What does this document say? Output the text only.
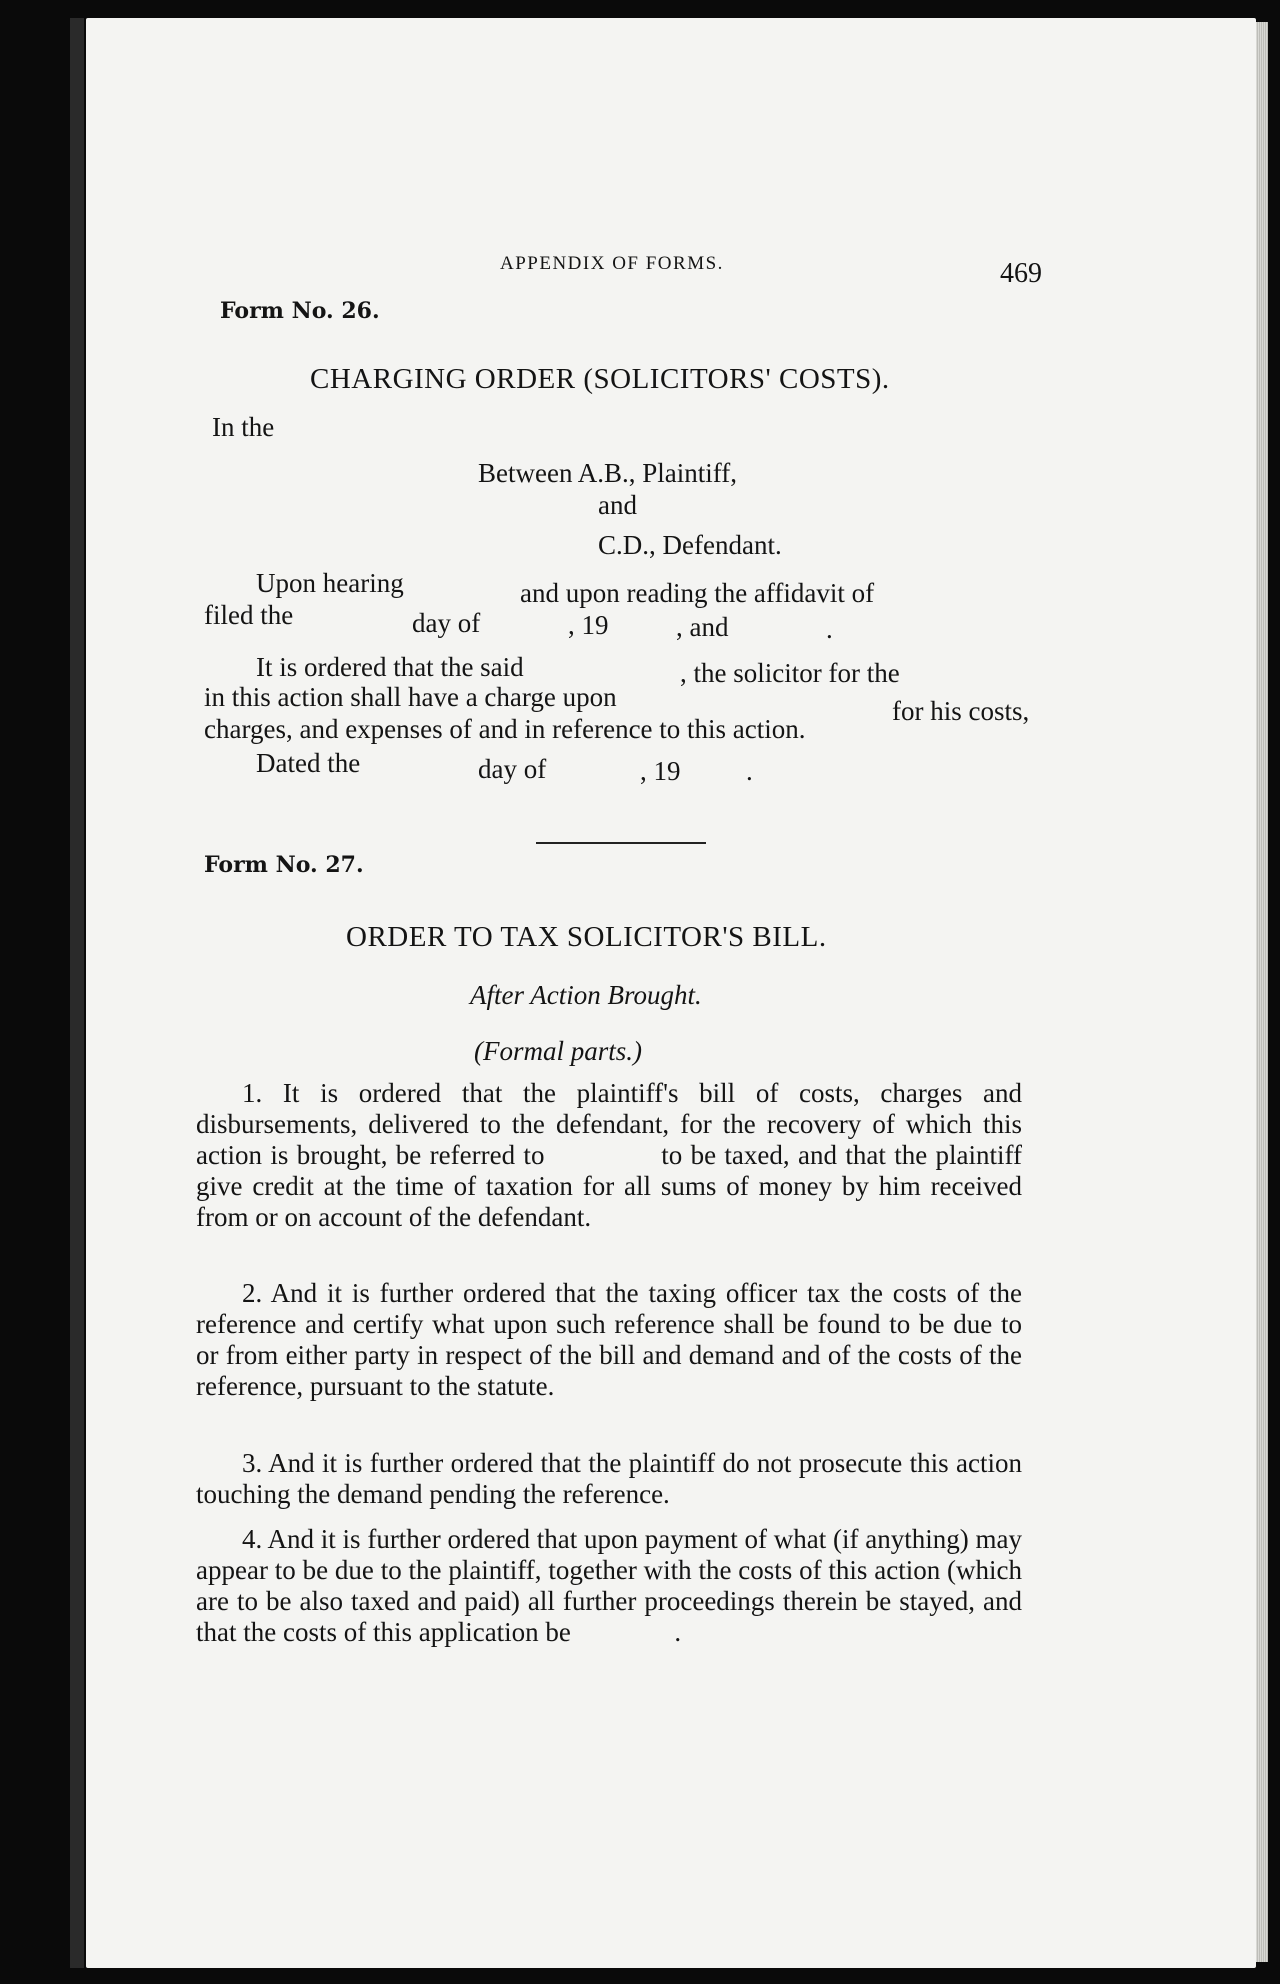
APPENDIX OF FORMS.	469
Form No. 26.
CHARGING ORDER (SOLICITORS' COSTS).
In the
Between A.B., Plaintiff,
and
C.D., Defendant.
Upon hearing	and upon reading the affidavit of
filed the	day of	, 19	, and	.
It is ordered that the said	, the solicitor for the
in this action shall have a charge upon	for his costs,
charges, and expenses of and in reference to this action.
Dated the	day of	, 19 .
Form No. 27.
ORDER TO TAX SOLICITOR'S BILL.
After Action Brought.
(Formal parts.)
1. It is ordered that the plaintiff's bill of costs, charges and disbursements, delivered to the defendant, for the recovery of which this action is brought, be referred to	to be taxed, and that the plaintiff give credit at the time of taxation for all sums of money by him received from or on account of the defendant.
2. And it is further ordered that the taxing officer tax the costs of the reference and certify what upon such reference shall be found to be due to or from either party in respect of the bill and demand and of the costs of the reference, pursuant to the statute.
3. And it is further ordered that the plaintiff do not prosecute this action touching the demand pending the reference.
4. And it is further ordered that upon payment of what (if anything) may appear to be due to the plaintiff, together with the costs of this action (which are to be also taxed and paid) all further proceedings therein be stayed, and that the costs of this application be	.
